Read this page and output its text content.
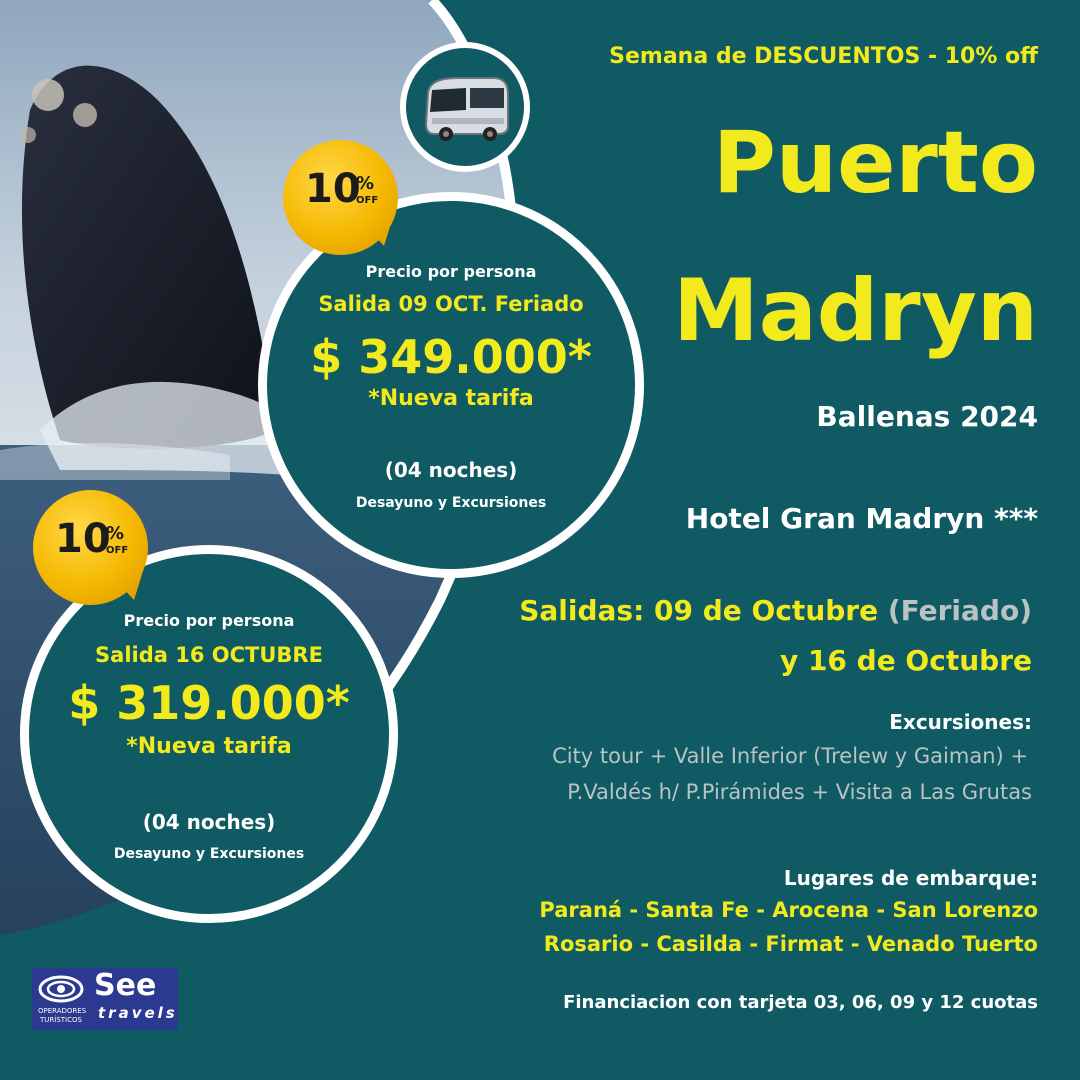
Semana de DESCUENTOS - 10% off
Puerto
Madryn
Ballenas 2024
Hotel Gran Madryn ***
Salidas: 09 de Octubre (Feriado)
y 16 de Octubre
Excursiones:
City tour + Valle Inferior (Trelew y Gaiman) +
P.Valdés h/ P.Pirámides + Visita a Las Grutas
Lugares de embarque:
Paraná - Santa Fe - Arocena - San Lorenzo
Rosario - Casilda - Firmat - Venado Tuerto
Financiacion con tarjeta 03, 06, 09 y 12 cuotas
Precio por persona
Salida 09 OCT. Feriado
$ 349.000*
*Nueva tarifa
(04 noches)
Desayuno y Excursiones
10
%
OFF
Precio por persona
Salida 16 OCTUBRE
$ 319.000*
*Nueva tarifa
(04 noches)
Desayuno y Excursiones
10
%
OFF
See
travels
OPERADORES
TURÍSTICOS
